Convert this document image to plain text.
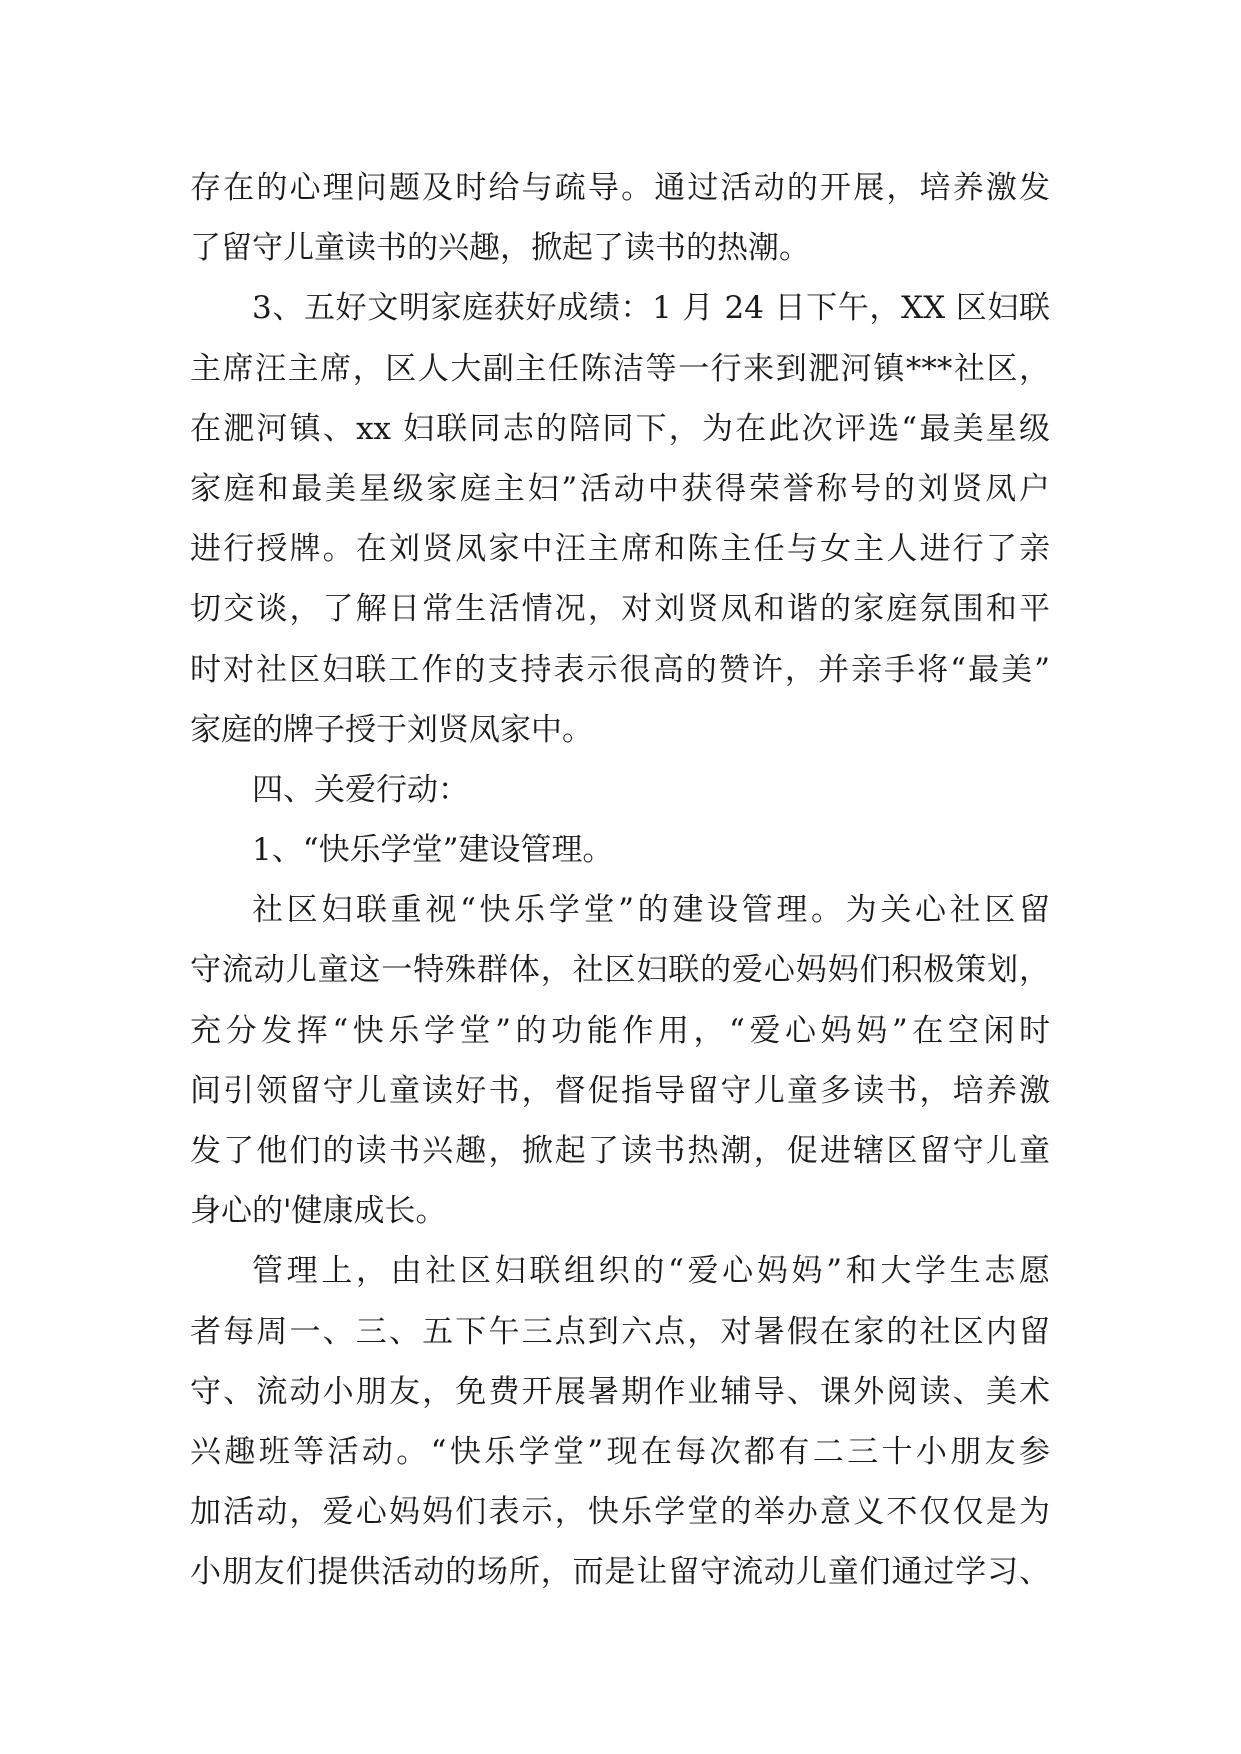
存在的心理问题及时给与疏导。通过活动的开展，培养激发
了留守儿童读书的兴趣，掀起了读书的热潮。
3、五好文明家庭获好成绩：1 月 24 日下午，XX 区妇联
主席汪主席，区人大副主任陈洁等一行来到淝河镇***社区，
在淝河镇、xx 妇联同志的陪同下，为在此次评选“最美星级
家庭和最美星级家庭主妇”活动中获得荣誉称号的刘贤凤户
进行授牌。在刘贤凤家中汪主席和陈主任与女主人进行了亲
切交谈，了解日常生活情况，对刘贤凤和谐的家庭氛围和平
时对社区妇联工作的支持表示很高的赞许，并亲手将“最美”
家庭的牌子授于刘贤凤家中。
四、关爱行动：
1、“快乐学堂”建设管理。
社区妇联重视“快乐学堂”的建设管理。为关心社区留
守流动儿童这一特殊群体，社区妇联的爱心妈妈们积极策划，
充分发挥“快乐学堂”的功能作用，“爱心妈妈”在空闲时
间引领留守儿童读好书，督促指导留守儿童多读书，培养激
发了他们的读书兴趣，掀起了读书热潮，促进辖区留守儿童
身心的'健康成长。
管理上，由社区妇联组织的“爱心妈妈”和大学生志愿
者每周一、三、五下午三点到六点，对暑假在家的社区内留
守、流动小朋友，免费开展暑期作业辅导、课外阅读、美术
兴趣班等活动。“快乐学堂”现在每次都有二三十小朋友参
加活动，爱心妈妈们表示，快乐学堂的举办意义不仅仅是为
小朋友们提供活动的场所，而是让留守流动儿童们通过学习、
